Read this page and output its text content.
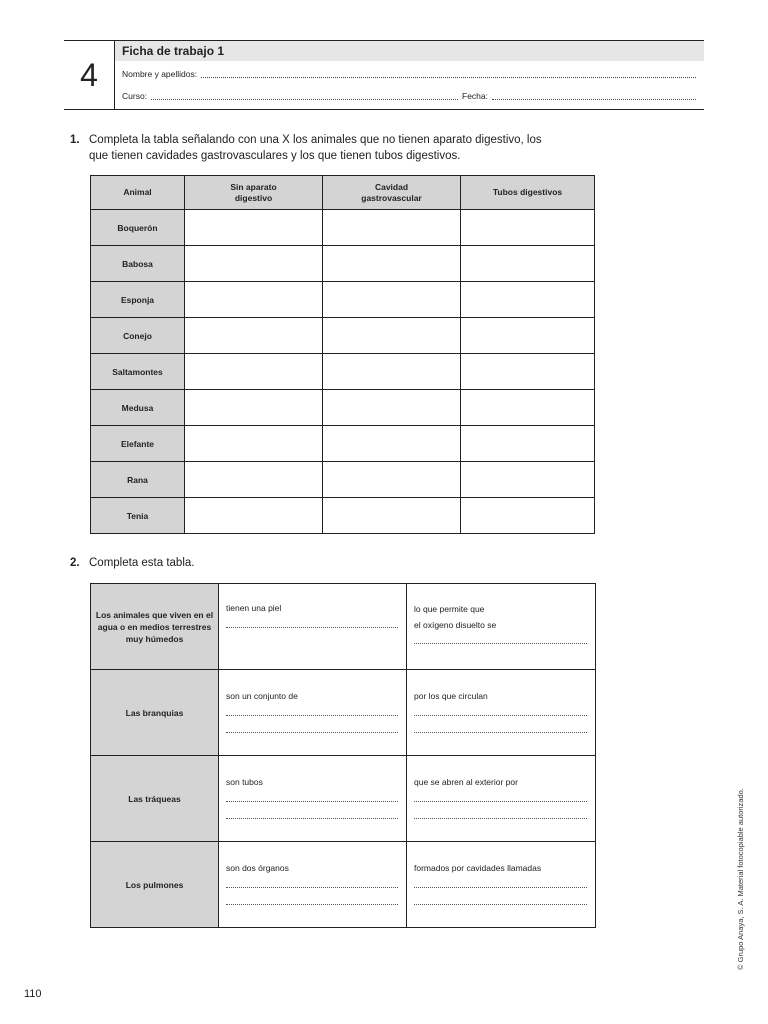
4
Ficha de trabajo 1
Nombre y apellidos:
Curso:	Fecha:
1. Completa la tabla señalando con una X los animales que no tienen aparato digestivo, los
que tienen cavidades gastrovasculares y los que tienen tubos digestivos.
Animal	Sin aparato digestivo	Cavidad gastrovascular	Tubos digestivos
Boquerón			
Babosa			
Esponja			
Conejo			
Saltamontes			
Medusa			
Elefante			
Rana			
Tenia			
2. Completa esta tabla.
Los animales que viven en el agua o en medios terrestres muy húmedos	tienen una piel	lo que permite que
el oxígeno disuelto se

Las branquias	son un conjunto de	por los que circulan

Las tráqueas	son tubos	que se abren al exterior por

Los pulmones	son dos órganos	formados por cavidades llamadas
110
© Grupo Anaya, S. A. Material fotocopiable autorizado.
